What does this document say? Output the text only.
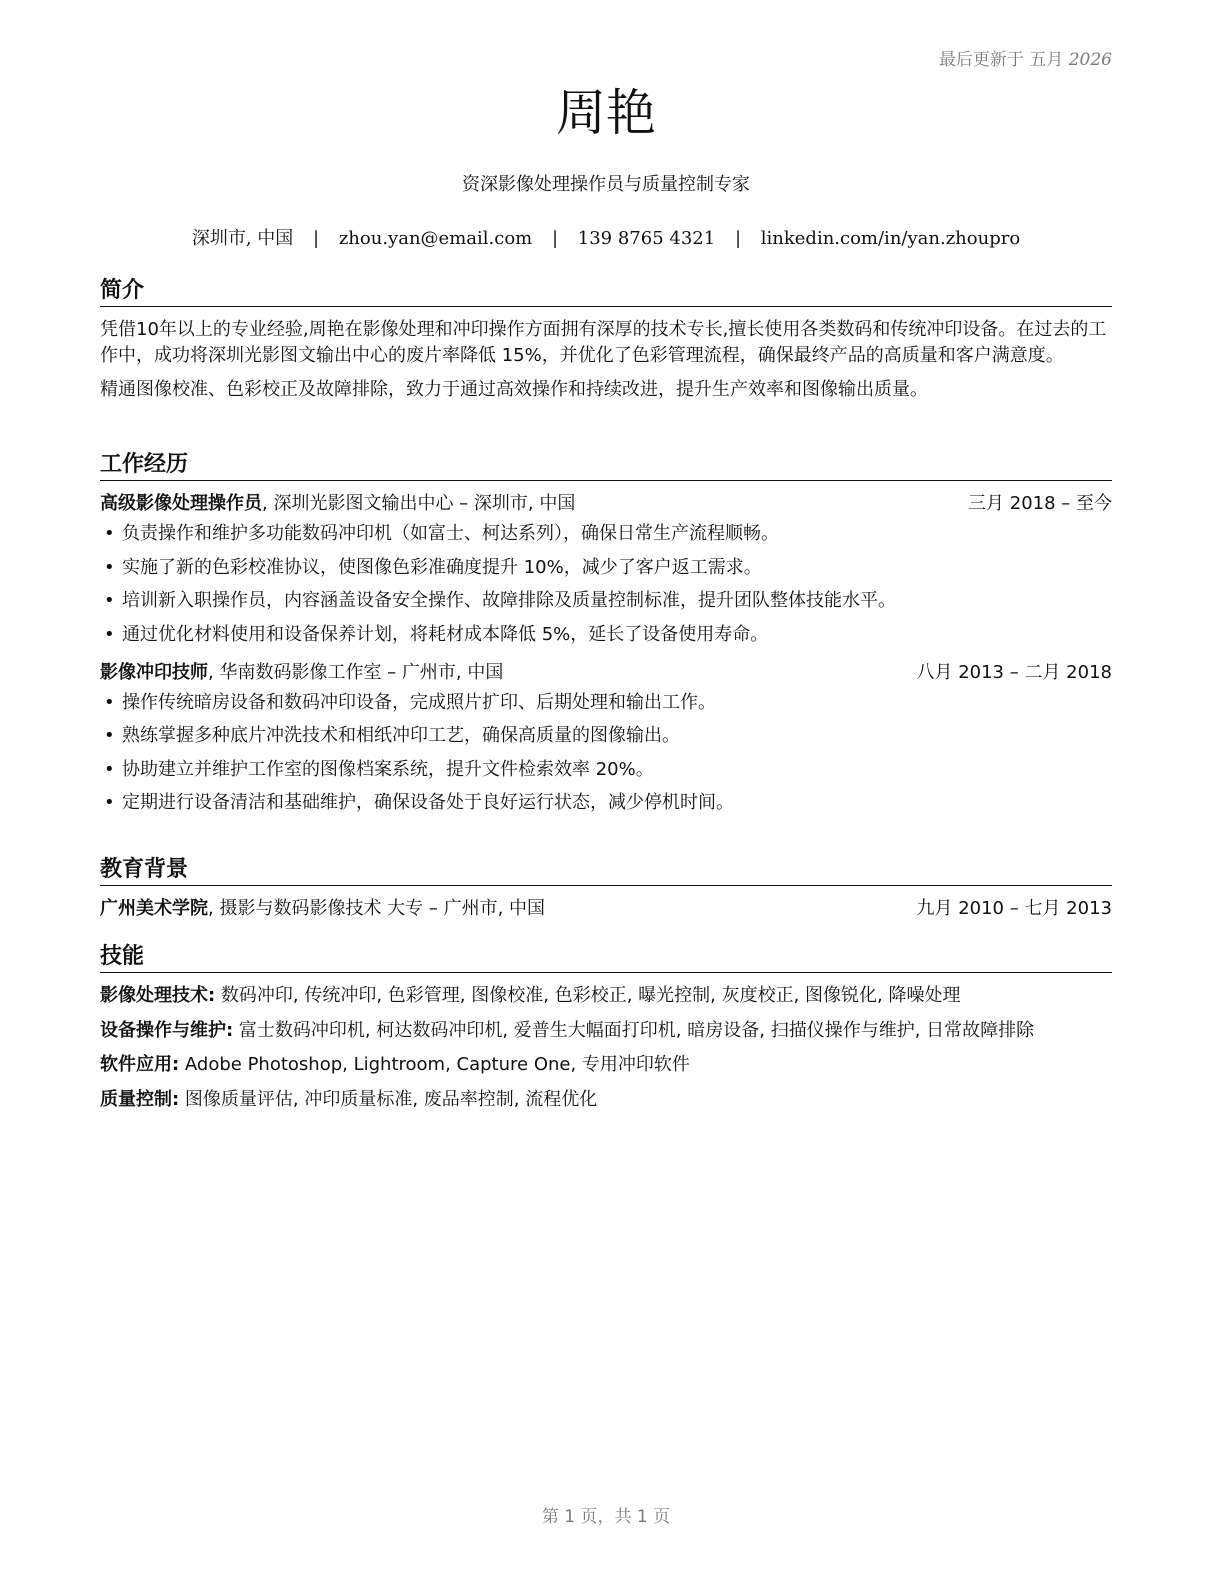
最后更新于 五月 2026
周艳
资深影像处理操作员与质量控制专家
深圳市, 中国 | zhou.yan@email.com | 139 8765 4321 | linkedin.com/in/yan.zhoupro
简介

凭借10年以上的专业经验,周艳在影像处理和冲印操作方面拥有深厚的技术专长,擅长使用各类数码和传统冲印设备。在过去的工作中，成功将深圳光影图文输出中心的废片率降低 15%，并优化了色彩管理流程，确保最终产品的高质量和客户满意度。

精通图像校准、色彩校正及故障排除，致力于通过高效操作和持续改进，提升生产效率和图像输出质量。

工作经历
高级影像处理操作员, 深圳光影图文输出中心 – 深圳市, 中国	三月 2018 – 至今
• 负责操作和维护多功能数码冲印机（如富士、柯达系列），确保日常生产流程顺畅。
• 实施了新的色彩校准协议，使图像色彩准确度提升 10%，减少了客户返工需求。
• 培训新入职操作员，内容涵盖设备安全操作、故障排除及质量控制标准，提升团队整体技能水平。
• 通过优化材料使用和设备保养计划，将耗材成本降低 5%，延长了设备使用寿命。
影像冲印技师, 华南数码影像工作室 – 广州市, 中国	八月 2013 – 二月 2018
• 操作传统暗房设备和数码冲印设备，完成照片扩印、后期处理和输出工作。
• 熟练掌握多种底片冲洗技术和相纸冲印工艺，确保高质量的图像输出。
• 协助建立并维护工作室的图像档案系统，提升文件检索效率 20%。
• 定期进行设备清洁和基础维护，确保设备处于良好运行状态，减少停机时间。
教育背景
广州美术学院, 摄影与数码影像技术 大专 – 广州市, 中国	九月 2010 – 七月 2013
技能
影像处理技术: 数码冲印, 传统冲印, 色彩管理, 图像校准, 色彩校正, 曝光控制, 灰度校正, 图像锐化, 降噪处理
设备操作与维护: 富士数码冲印机, 柯达数码冲印机, 爱普生大幅面打印机, 暗房设备, 扫描仪操作与维护, 日常故障排除
软件应用: Adobe Photoshop, Lightroom, Capture One, 专用冲印软件
质量控制: 图像质量评估, 冲印质量标准, 废品率控制, 流程优化
第 1 页，共 1 页
